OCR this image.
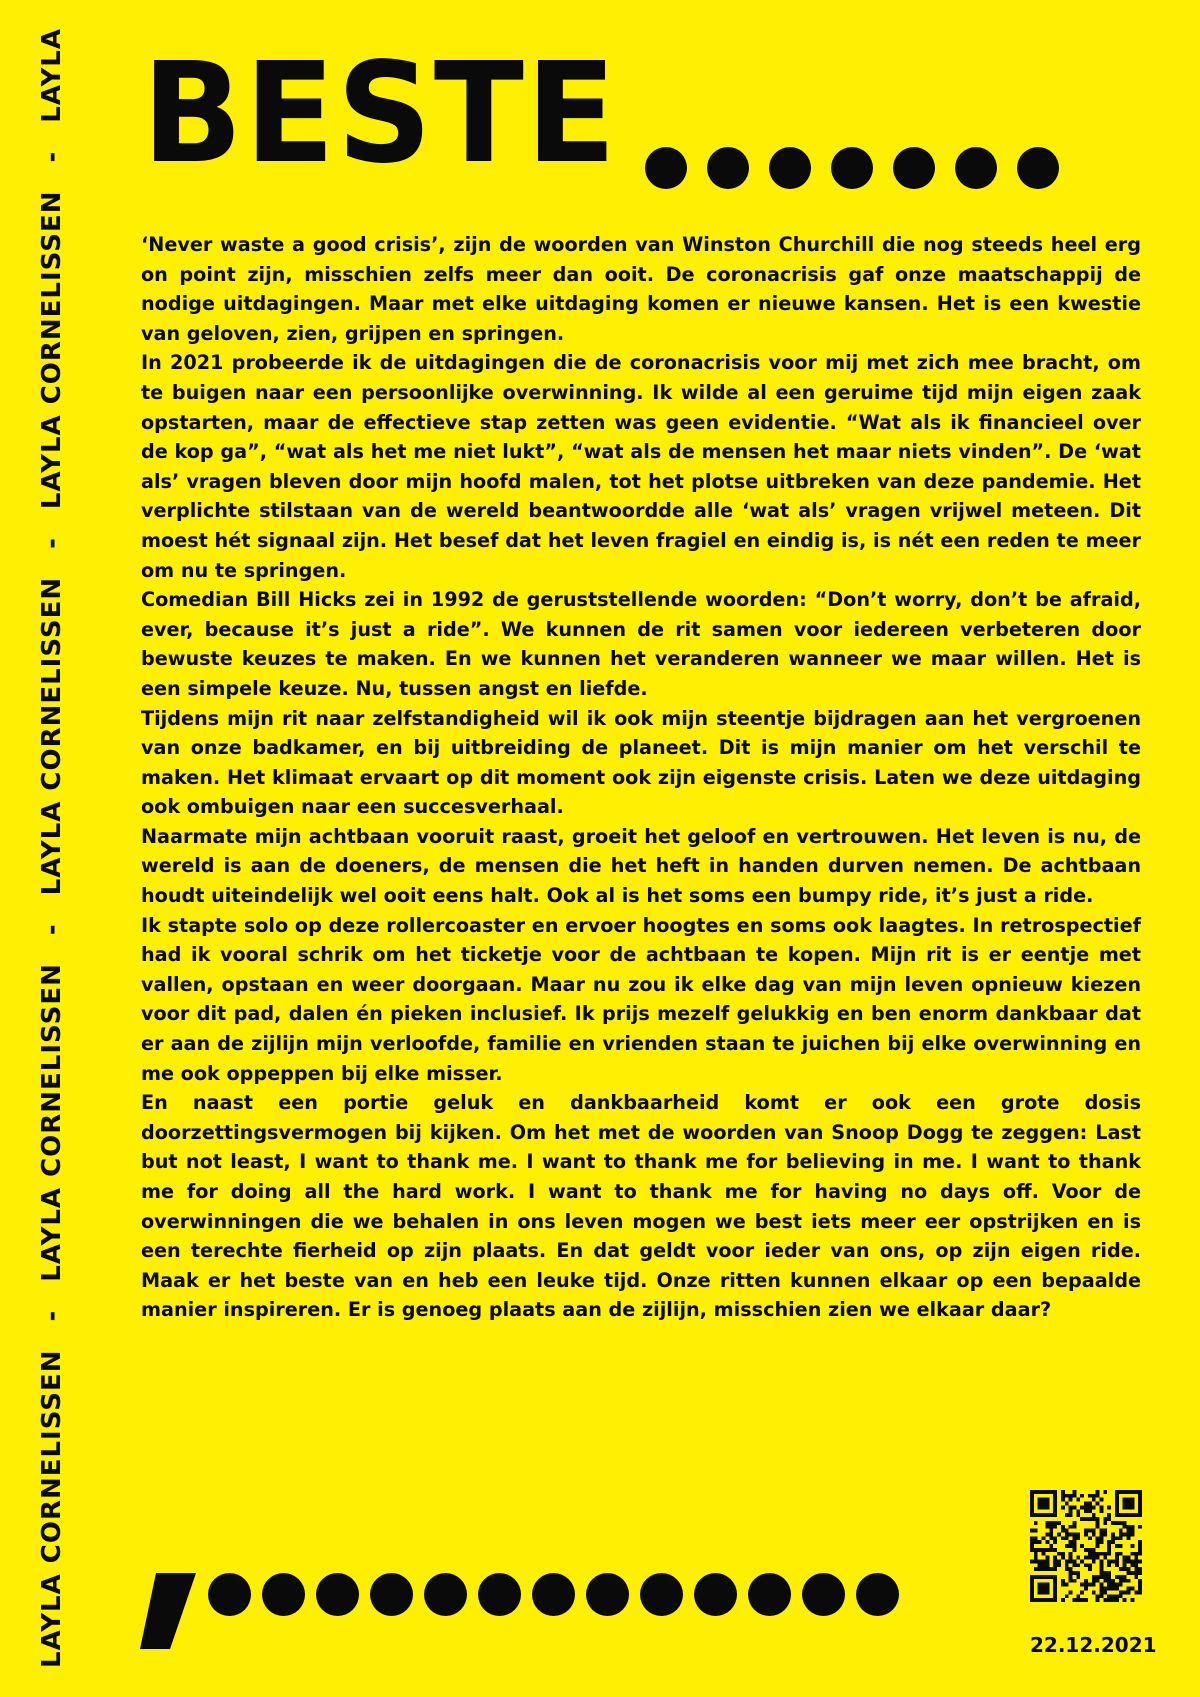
LAYLA CORNELISSEN
-
LAYLA CORNELISSEN
-
LAYLA CORNELISSEN
-
LAYLA CORNELISSEN
-
LAYLA BESTE

‘Never waste a good crisis’, zijn de woorden van Winston Churchill die nog steeds heel erg on point zijn, misschien zelfs meer dan ooit. De coronacrisis gaf onze maatschappij de nodige uitdagingen. Maar met elke uitdaging komen er nieuwe kansen. Het is een kwestie van geloven, zien, grijpen en springen.

In 2021 probeerde ik de uitdagingen die de coronacrisis voor mij met zich mee bracht, om te buigen naar een persoonlijke overwinning. Ik wilde al een geruime tijd mijn eigen zaak opstarten, maar de effectieve stap zetten was geen evidentie. “Wat als ik financieel over de kop ga”, “wat als het me niet lukt”, “wat als de mensen het maar niets vinden”. De ‘wat als’ vragen bleven door mijn hoofd malen, tot het plotse uitbreken van deze pandemie. Het verplichte stilstaan van de wereld beantwoordde alle ‘wat als’ vragen vrijwel meteen. Dit moest hét signaal zijn. Het besef dat het leven fragiel en eindig is, is nét een reden te meer om nu te springen.

Comedian Bill Hicks zei in 1992 de geruststellende woorden: “Don’t worry, don’t be afraid, ever, because it’s just a ride”. We kunnen de rit samen voor iedereen verbeteren door bewuste keuzes te maken. En we kunnen het veranderen wanneer we maar willen. Het is een simpele keuze. Nu, tussen angst en liefde.

Tijdens mijn rit naar zelfstandigheid wil ik ook mijn steentje bijdragen aan het vergroenen van onze badkamer, en bij uitbreiding de planeet. Dit is mijn manier om het verschil te maken. Het klimaat ervaart op dit moment ook zijn eigenste crisis. Laten we deze uitdaging ook ombuigen naar een succesverhaal.

Naarmate mijn achtbaan vooruit raast, groeit het geloof en vertrouwen. Het leven is nu, de wereld is aan de doeners, de mensen die het heft in handen durven nemen. De achtbaan houdt uiteindelijk wel ooit eens halt. Ook al is het soms een bumpy ride, it’s just a ride.

Ik stapte solo op deze rollercoaster en ervoer hoogtes en soms ook laagtes. In retrospectief had ik vooral schrik om het ticketje voor de achtbaan te kopen. Mijn rit is er eentje met vallen, opstaan en weer doorgaan. Maar nu zou ik elke dag van mijn leven opnieuw kiezen voor dit pad, dalen én pieken inclusief. Ik prijs mezelf gelukkig en ben enorm dankbaar dat er aan de zijlijn mijn verloofde, familie en vrienden staan te juichen bij elke overwinning en me ook oppeppen bij elke misser.

En naast een portie geluk en dankbaarheid komt er ook een grote dosis doorzettingsvermogen bij kijken. Om het met de woorden van Snoop Dogg te zeggen: Last but not least, I want to thank me. I want to thank me for believing in me. I want to thank me for doing all the hard work. I want to thank me for having no days off. Voor de overwinningen die we behalen in ons leven mogen we best iets meer eer opstrijken en is een terechte fierheid op zijn plaats. En dat geldt voor ieder van ons, op zijn eigen ride. Maak er het beste van en heb een leuke tijd. Onze ritten kunnen elkaar op een bepaalde manier inspireren. Er is genoeg plaats aan de zijlijn, misschien zien we elkaar daar?

22.12.2021
